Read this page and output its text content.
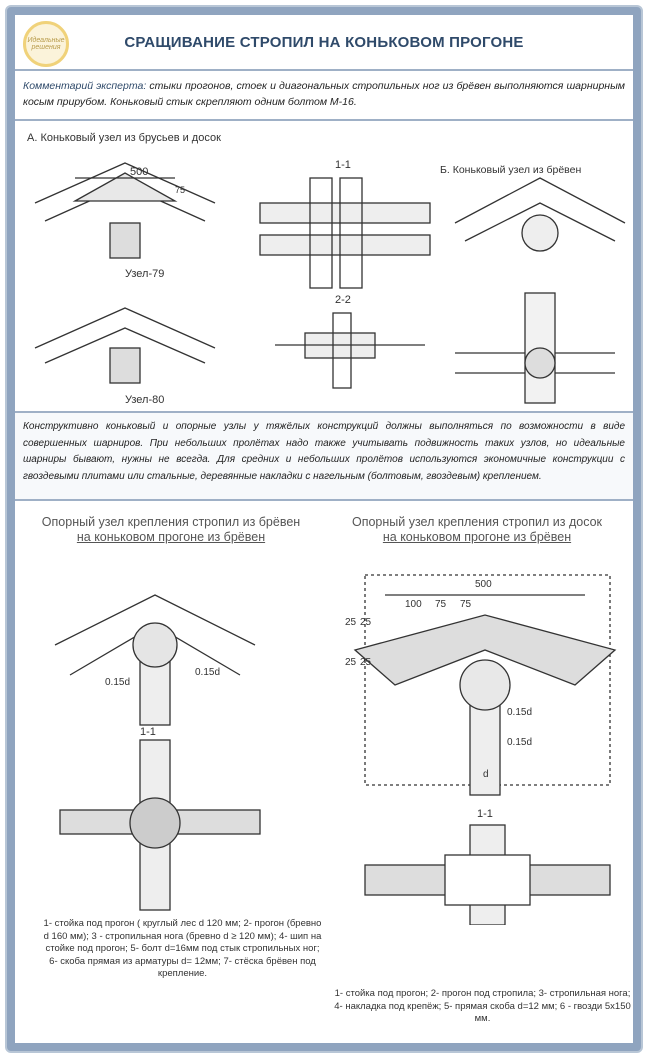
Идеальные решения	СРАЩИВАНИЕ СТРОПИЛ НА КОНЬКОВОМ ПРОГОНЕ
Комментарий эксперта: стыки прогонов, стоек и диагональных стропильных ног из брёвен выполняются шарнирным косым прирубом. Коньковый стык скрепляют одним болтом М-16.
А. Коньковый узел из брусьев и досок
Б. Коньковый узел из брёвен
Узел-79
Узел-80
1-1
2-2
500
75
Конструктивно коньковый и опорные узлы у тяжёлых конструкций должны выполняться по возможности в виде совершенных шарниров. При небольших пролётах надо также учитывать подвижность таких узлов, но идеальные шарниры бывают, нужны не всегда. Для средних и небольших пролётов используются экономичные конструкции с гвоздевыми плитами или стальные, деревянные накладки с нагельным (болтовым, гвоздевым) креплением.
Опорный узел крепления стропил из брёвен
на коньковом прогоне из брёвен
Опорный узел крепления стропил из досок
на коньковом прогоне из брёвен
0.15d
0.15d
1-1
500
100 75 75
25 25
25 25
0.15d
0.15d
d
1-1
1- стойка под прогон ( круглый лес d 120 мм; 2- прогон (бревно d 160 мм); 3 - стропильная нога (бревно d ≥ 120 мм); 4- шип на стойке под прогон; 5- болт d=16мм под стык стропильных ног; 6- скоба прямая из арматуры d= 12мм; 7- стёска брёвен под крепление.
1- стойка под прогон; 2- прогон под стропила; 3- стропильная нога; 4- накладка под крепёж; 5- прямая скоба d=12 мм; 6 - гвозди 5х150 мм.
